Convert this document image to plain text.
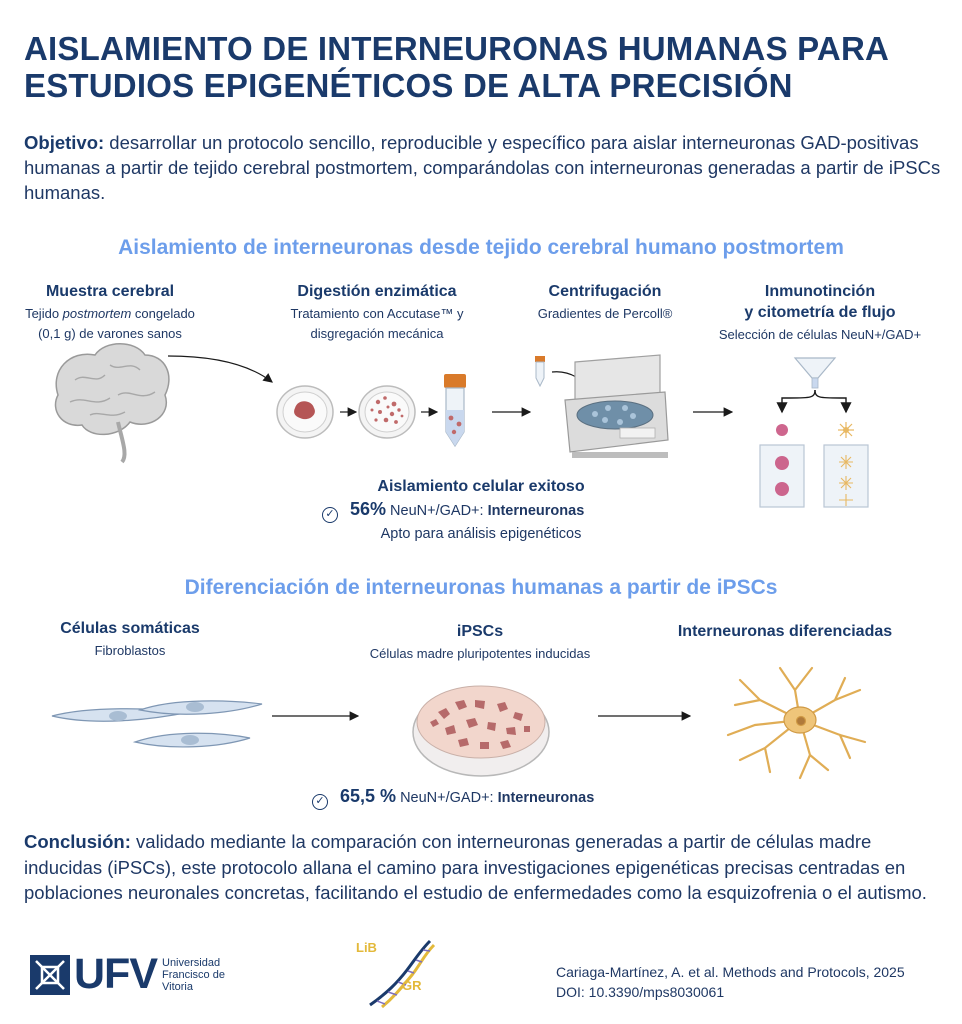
AISLAMIENTO DE INTERNEURONAS HUMANAS PARA ESTUDIOS EPIGENÉTICOS DE ALTA PRECISIÓN
Objetivo: desarrollar un protocolo sencillo, reproducible y específico para aislar interneuronas GAD-positivas humanas a partir de tejido cerebral postmortem, comparándolas con interneuronas generadas a partir de iPSCs humanas.
Aislamiento de interneuronas desde tejido cerebral humano postmortem
Muestra cerebral
Tejido postmortem congelado
(0,1 g) de varones sanos
Digestión enzimática
Tratamiento con Accutase™ y
disgregación mecánica
Centrifugación
Gradientes de Percoll®
Inmunotinción
y citometría de flujo
Selección de células NeuN+/GAD+
Aislamiento celular exitoso
✓ 56% NeuN+/GAD+: Interneuronas
Apto para análisis epigenéticos
Diferenciación de interneuronas humanas a partir de iPSCs
Células somáticas
Fibroblastos
iPSCs
Células madre pluripotentes inducidas
Interneuronas diferenciadas
✓ 65,5 % NeuN+/GAD+: Interneuronas
Conclusión: validado mediante la comparación con interneuronas generadas a partir de células madre inducidas (iPSCs), este protocolo allana el camino para investigaciones epigenéticas precisas centradas en poblaciones neuronales concretas, facilitando el estudio de enfermedades como la esquizofrenia o el autismo.
UFV Universidad
Francisco de
Vitoria
LiB
GR
Cariaga-Martínez, A. et al. Methods and Protocols, 2025
DOI: 10.3390/mps8030061
